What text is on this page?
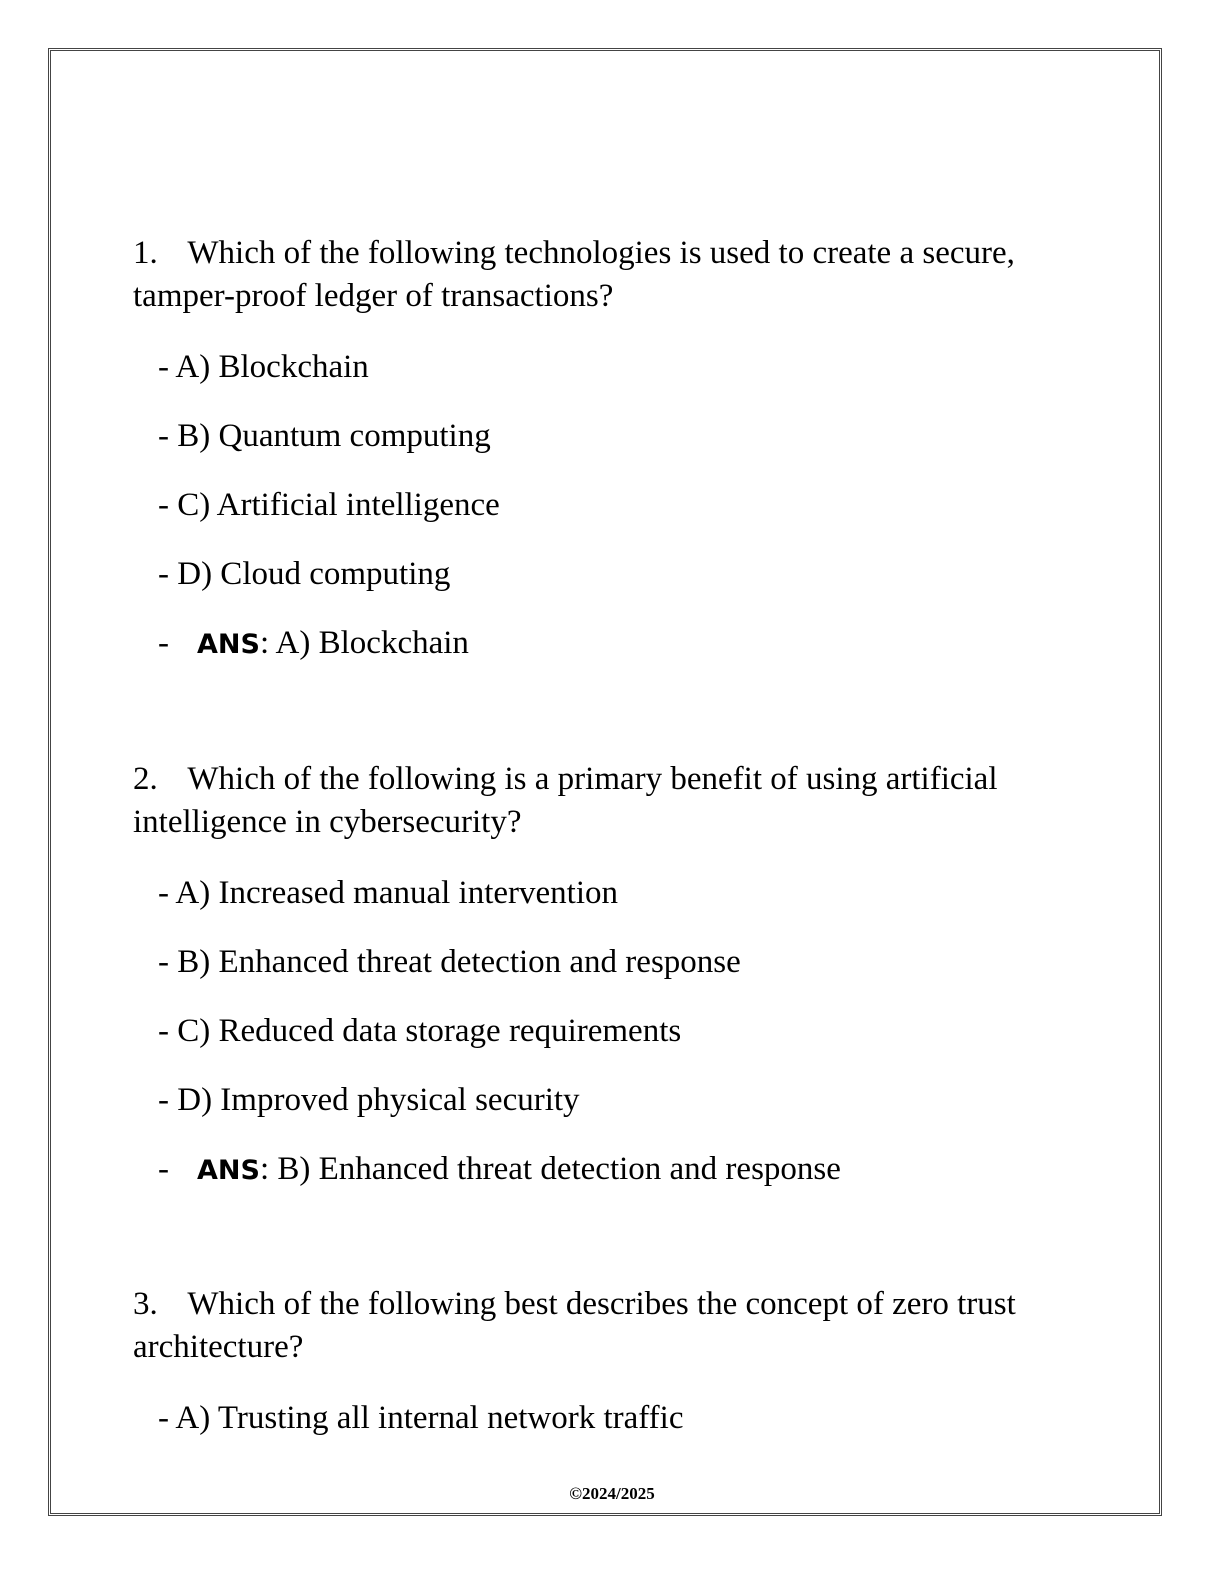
1. Which of the following technologies is used to create a secure, tamper-proof ledger of transactions?

- A) Blockchain
- B) Quantum computing
- C) Artificial intelligence
- D) Cloud computing
- ANS: A) Blockchain

2. Which of the following is a primary benefit of using artificial intelligence in cybersecurity?

- A) Increased manual intervention
- B) Enhanced threat detection and response
- C) Reduced data storage requirements
- D) Improved physical security
- ANS: B) Enhanced threat detection and response

3. Which of the following best describes the concept of zero trust architecture?

- A) Trusting all internal network traffic
©2024/2025
